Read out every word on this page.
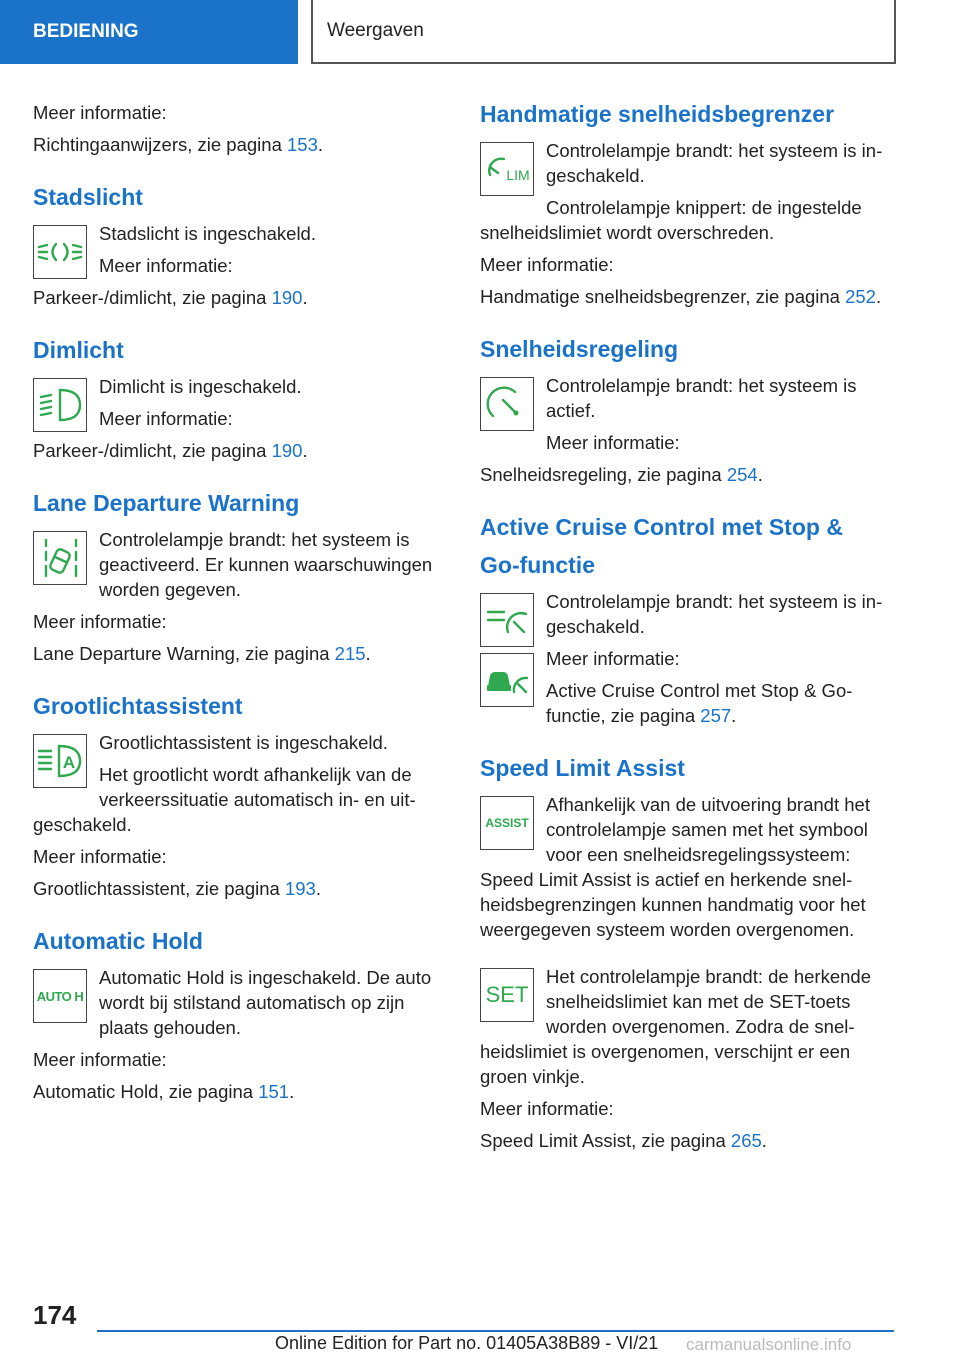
BEDIENING	Weergaven

Meer informatie:

Richtingaanwijzers, zie pagina 153.

Stadslicht

Stadslicht is ingeschakeld.

Meer informatie:

Parkeer-/dimlicht, zie pagina 190.

Dimlicht

Dimlicht is ingeschakeld.

Meer informatie:

Parkeer-/dimlicht, zie pagina 190.

Lane Departure Warning

Controlelampje brandt: het systeem is

geactiveerd. Er kunnen waarschuwingen

worden gegeven.

Meer informatie:

Lane Departure Warning, zie pagina 215.

Grootlichtassistent
A

Grootlichtassistent is ingeschakeld.

Het grootlicht wordt afhankelijk van de

verkeerssituatie automatisch in- en uit-

geschakeld.

Meer informatie:

Grootlichtassistent, zie pagina 193.

Automatic Hold
AUTO H

Automatic Hold is ingeschakeld. De auto

wordt bij stilstand automatisch op zijn

plaats gehouden.

Meer informatie:

Automatic Hold, zie pagina 151.

Handmatige snelheidsbegrenzer
LIM

Controlelampje brandt: het systeem is in-

geschakeld.

Controlelampje knippert: de ingestelde

snelheidslimiet wordt overschreden.

Meer informatie:

Handmatige snelheidsbegrenzer, zie pagina 252.

Snelheidsregeling

Controlelampje brandt: het systeem is

actief.

Meer informatie:

Snelheidsregeling, zie pagina 254.

Active Cruise Control met Stop &
Go-functie

Controlelampje brandt: het systeem is in-

geschakeld.

Meer informatie:

Active Cruise Control met Stop & Go-

functie, zie pagina 257.

Speed Limit Assist
ASSIST

Afhankelijk van de uitvoering brandt het

controlelampje samen met het symbool

voor een snelheidsregelingssysteem:

Speed Limit Assist is actief en herkende snel-

heidsbegrenzingen kunnen handmatig voor het

weergegeven systeem worden overgenomen.

SET

Het controlelampje brandt: de herkende

snelheidslimiet kan met de SET-toets

worden overgenomen. Zodra de snel-

heidslimiet is overgenomen, verschijnt er een

groen vinkje.

Meer informatie:

Speed Limit Assist, zie pagina 265.

174
Online Edition for Part no. 01405A38B89 - VI/21 carmanualsonline.info
